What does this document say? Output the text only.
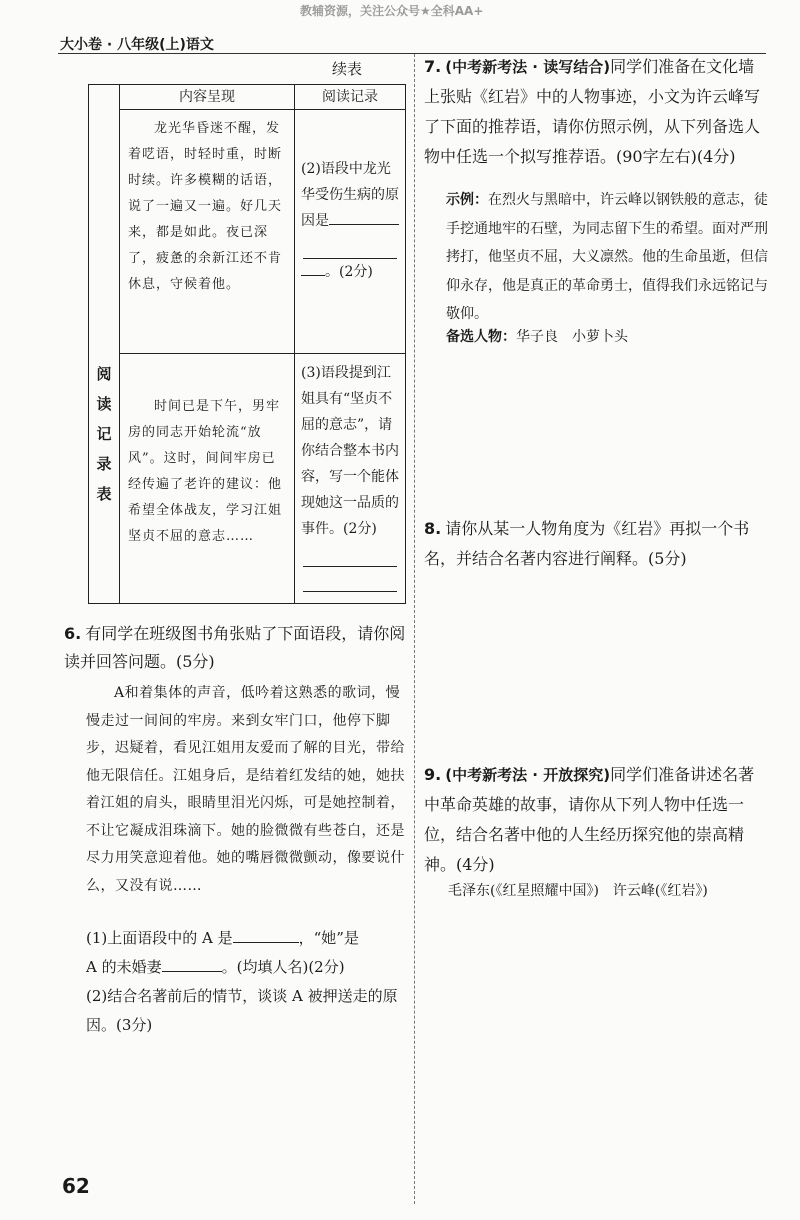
教辅资源，关注公众号★全科AA+
大小卷 · 八年级(上)语文
续表
阅
读
记
录
表	内容呈现	阅读记录
	龙光华昏迷不醒，发着呓语，时轻时重，时断时续。许多模糊的话语，说了一遍又一遍。好几天来，都是如此。夜已深了，疲惫的余新江还不肯休息，守候着他。	(2)语段中龙光华受伤生病的原因是
。(2分)

	时间已是下午，男牢房的同志开始轮流“放风”。这时，间间牢房已经传遍了老许的建议：他希望全体战友，学习江姐坚贞不屈的意志……	(3)语段提到江姐具有“坚贞不屈的意志”，请你结合整本书内容，写一个能体现她这一品质的事件。(2分)
6. 有同学在班级图书角张贴了下面语段，请你阅读并回答问题。(5分)
A和着集体的声音，低吟着这熟悉的歌词，慢慢走过一间间的牢房。来到女牢门口，他停下脚步，迟疑着，看见江姐用友爱而了解的目光，带给他无限信任。江姐身后，是结着红发结的她，她扶着江姐的肩头，眼睛里泪光闪烁，可是她控制着，不让它凝成泪珠滴下。她的脸微微有些苍白，还是尽力用笑意迎着他。她的嘴唇微微颤动，像要说什么，又没有说……
(1)上面语段中的 A 是	，“她”是
A 的未婚妻	。(均填人名)(2分)
(2)结合名著前后的情节，谈谈 A 被押送走的原因。(3分)
7. (中考新考法 · 读写结合)同学们准备在文化墙上张贴《红岩》中的人物事迹，小文为许云峰写了下面的推荐语，请你仿照示例，从下列备选人物中任选一个拟写推荐语。(90字左右)(4分)
示例：在烈火与黑暗中，许云峰以钢铁般的意志，徒手挖通地牢的石壁，为同志留下生的希望。面对严刑拷打，他坚贞不屈，大义凛然。他的生命虽逝，但信仰永存，他是真正的革命勇士，值得我们永远铭记与敬仰。
备选人物：华子良　小萝卜头
8. 请你从某一人物角度为《红岩》再拟一个书名，并结合名著内容进行阐释。(5分)
9. (中考新考法 · 开放探究)同学们准备讲述名著中革命英雄的故事，请你从下列人物中任选一位，结合名著中他的人生经历探究他的崇高精神。(4分)
毛泽东(《红星照耀中国》)　许云峰(《红岩》)
62
